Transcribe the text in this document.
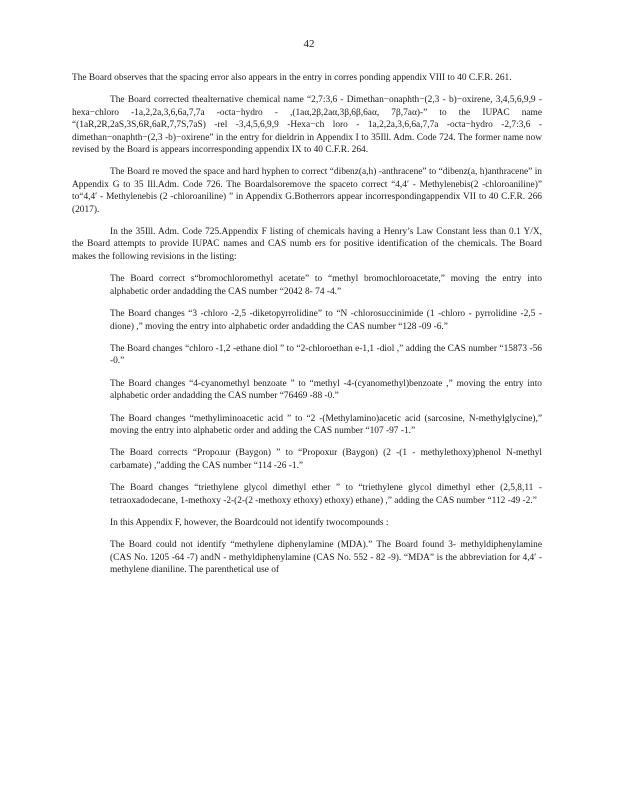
42

The Board observes that the spacing error also appears in the entry in corres ponding appendix VIII to 40 C.F.R. 261.

The Board corrected thealternative chemical name “2,7:3,6 - Dimethan−onaphth−(2,3 - b)−oxirene, 3,4,5,6,9,9 -hexa−chloro -1a,2,2a,3,6,6a,7,7a -octa−hydro - ,(1aα,2β,2aα,3β,6β,6aα, 7β,7aα)-” to the IUPAC name “(1aR,2R,2aS,3S,6R,6aR,7,7S,7aS) -rel -3,4,5,6,9,9 -Hexa−ch loro - 1a,2,2a,3,6,6a,7,7a -octa−hydro -2,7:3,6 -dimethan−onaphth−(2,3 -b)−oxirene” in the entry for dieldrin in Appendix I to 35Ill. Adm. Code 724. The former name now revised by the Board is appears incorresponding appendix IX to 40 C.F.R. 264.

The Board re moved the space and hard hyphen to correct “dibenz(a,h) -anthracene” to “dibenz(a, h)anthracene” in Appendix G to 35 Ill.Adm. Code 726. The Boardalsoremove the spaceto correct “4,4′ - Methylenebis(2 -chloroaniline)” to“4,4′ - Methylenebis (2 -chloroaniline) ” in Appendix G.Botherrors appear incorrespondingappendix VII to 40 C.F.R. 266 (2017).

In the 35Ill. Adm. Code 725.Appendix F listing of chemicals having a Henry’s Law Constant less than 0.1 Y/X, the Board attempts to provide IUPAC names and CAS numb ers for positive identification of the chemicals. The Board makes the following revisions in the listing:

The Board correct s“bromochloromethyl acetate” to “methyl bromochloroacetate,” moving the entry into alphabetic order andadding the CAS number “2042 8- 74 -4.”

The Board changes “3 -chloro -2,5 -diketopyrrolidine” to “N -chlorosuccinimide (1 -chloro - pyrrolidine -2,5 - dione) ,” moving the entry into alphabetic order andadding the CAS number “128 -09 -6.”

The Board changes “chloro -1,2 -ethane diol ” to “2-chloroethan e-1,1 -diol ,” adding the CAS number “15873 -56 -0.”

The Board changes “4-cyanomethyl benzoate ” to “methyl -4-(cyanomethyl)benzoate ,” moving the entry into alphabetic order andadding the CAS number “76469 -88 -0.”

The Board changes “methyliminoacetic acid ” to “2 -(Methylamino)acetic acid (sarcosine, N-methylglycine),” moving the entry into alphabetic order and adding the CAS number “107 -97 -1.”

The Board corrects “Propoɹur (Baygon) ” to “Propoxur (Baygon) (2 -(1 - methylethoxy)phenol N-methyl carbamate) ,”adding the CAS number “114 -26 -1.”

The Board changes “triethylene glycol dimethyl ether ” to “triethylene glycol dimethyl ether (2,5,8,11 -tetraoxadodecane, 1-methoxy -2-(2-(2 -methoxy ethoxy) ethoxy) ethane) ,” adding the CAS number “112 -49 -2.”

In this Appendix F, however, the Boardcould not identify twocompounds :

The Board could not identify “methylene diphenylamine (MDA).” The Board found 3- methyldiphenylamine (CAS No. 1205 -64 -7) andN - methyldiphenylamine (CAS No. 552 - 82 -9). “MDA” is the abbreviation for 4,4′ -methylene dianiline. The parenthetical use of
